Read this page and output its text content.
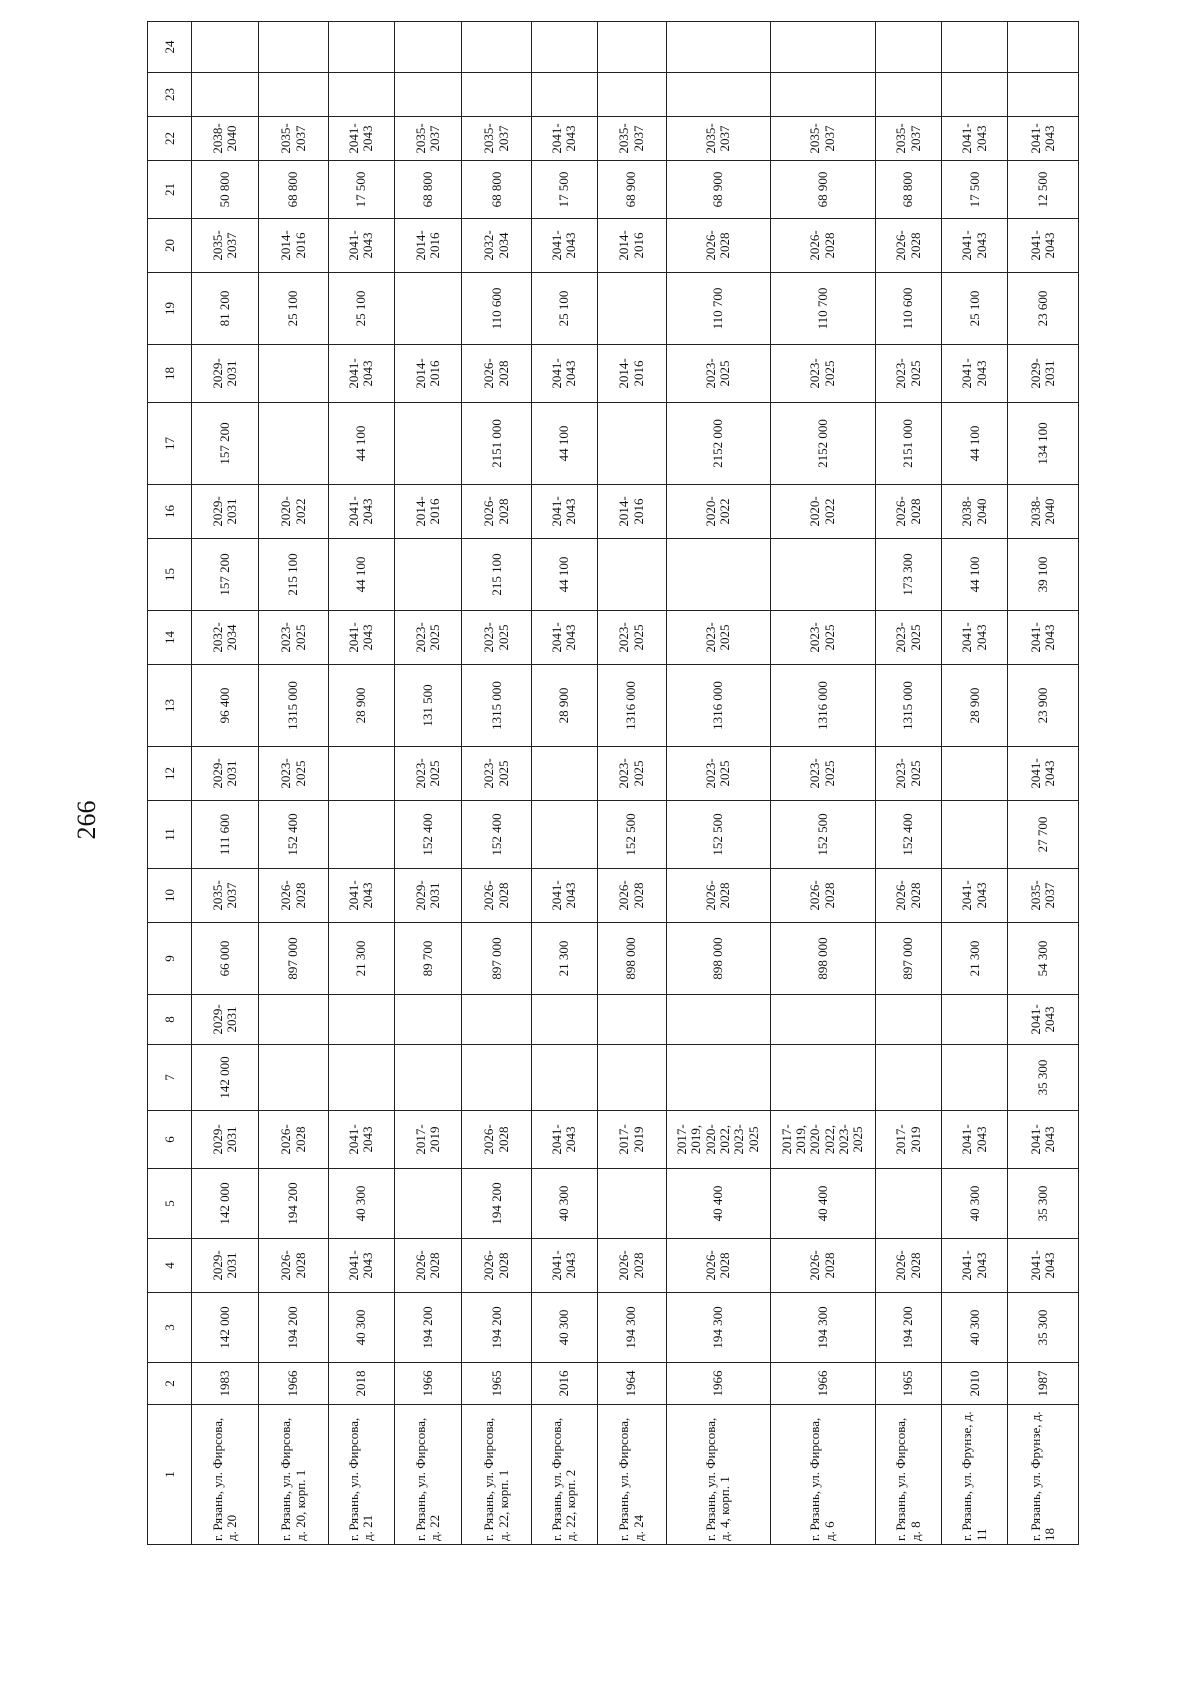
266
1	2	3	4	5	6	7	8	9	10	11	12	13	14	15	16	17	18	19	20	21	22	23	24
г. Рязань, ул. Фирсова, д. 20	1983	142 000	2029-2031	142 000	2029-2031	142 000	2029-2031	66 000	2035-2037	111 600	2029-2031	96 400	2032-2034	157 200	2029-2031	157 200	2029-2031	81 200	2035-2037	50 800	2038-2040		
г. Рязань, ул. Фирсова, д. 20, корп. 1	1966	194 200	2026-2028	194 200	2026-2028			897 000	2026-2028	152 400	2023-2025	1315 000	2023-2025	215 100	2020-2022			25 100	2014-2016	68 800	2035-2037		
г. Рязань, ул. Фирсова, д. 21	2018	40 300	2041-2043	40 300	2041-2043			21 300	2041-2043			28 900	2041-2043	44 100	2041-2043	44 100	2041-2043	25 100	2041-2043	17 500	2041-2043		
г. Рязань, ул. Фирсова, д. 22	1966	194 200	2026-2028		2017-2019			89 700	2029-2031	152 400	2023-2025	131 500	2023-2025		2014-2016		2014-2016		2014-2016	68 800	2035-2037		
г. Рязань, ул. Фирсова, д. 22, корп. 1	1965	194 200	2026-2028	194 200	2026-2028			897 000	2026-2028	152 400	2023-2025	1315 000	2023-2025	215 100	2026-2028	2151 000	2026-2028	110 600	2032-2034	68 800	2035-2037		
г. Рязань, ул. Фирсова, д. 22, корп. 2	2016	40 300	2041-2043	40 300	2041-2043			21 300	2041-2043			28 900	2041-2043	44 100	2041-2043	44 100	2041-2043	25 100	2041-2043	17 500	2041-2043		
г. Рязань, ул. Фирсова, д. 24	1964	194 300	2026-2028		2017-2019			898 000	2026-2028	152 500	2023-2025	1316 000	2023-2025		2014-2016		2014-2016		2014-2016	68 900	2035-2037		
г. Рязань, ул. Фирсова, д. 4, корп. 1	1966	194 300	2026-2028	40 400	2017-2019, 2020-2022, 2023-2025			898 000	2026-2028	152 500	2023-2025	1316 000	2023-2025		2020-2022	2152 000	2023-2025	110 700	2026-2028	68 900	2035-2037		
г. Рязань, ул. Фирсова, д. 6	1966	194 300	2026-2028	40 400	2017-2019, 2020-2022, 2023-2025			898 000	2026-2028	152 500	2023-2025	1316 000	2023-2025		2020-2022	2152 000	2023-2025	110 700	2026-2028	68 900	2035-2037		
г. Рязань, ул. Фирсова, д. 8	1965	194 200	2026-2028		2017-2019			897 000	2026-2028	152 400	2023-2025	1315 000	2023-2025	173 300	2026-2028	2151 000	2023-2025	110 600	2026-2028	68 800	2035-2037		
г. Рязань, ул. Фрунзе, д. 11	2010	40 300	2041-2043	40 300	2041-2043			21 300	2041-2043			28 900	2041-2043	44 100	2038-2040	44 100	2041-2043	25 100	2041-2043	17 500	2041-2043		
г. Рязань, ул. Фрунзе, д. 18	1987	35 300	2041-2043	35 300	2041-2043	35 300	2041-2043	54 300	2035-2037	27 700	2041-2043	23 900	2041-2043	39 100	2038-2040	134 100	2029-2031	23 600	2041-2043	12 500	2041-2043		
